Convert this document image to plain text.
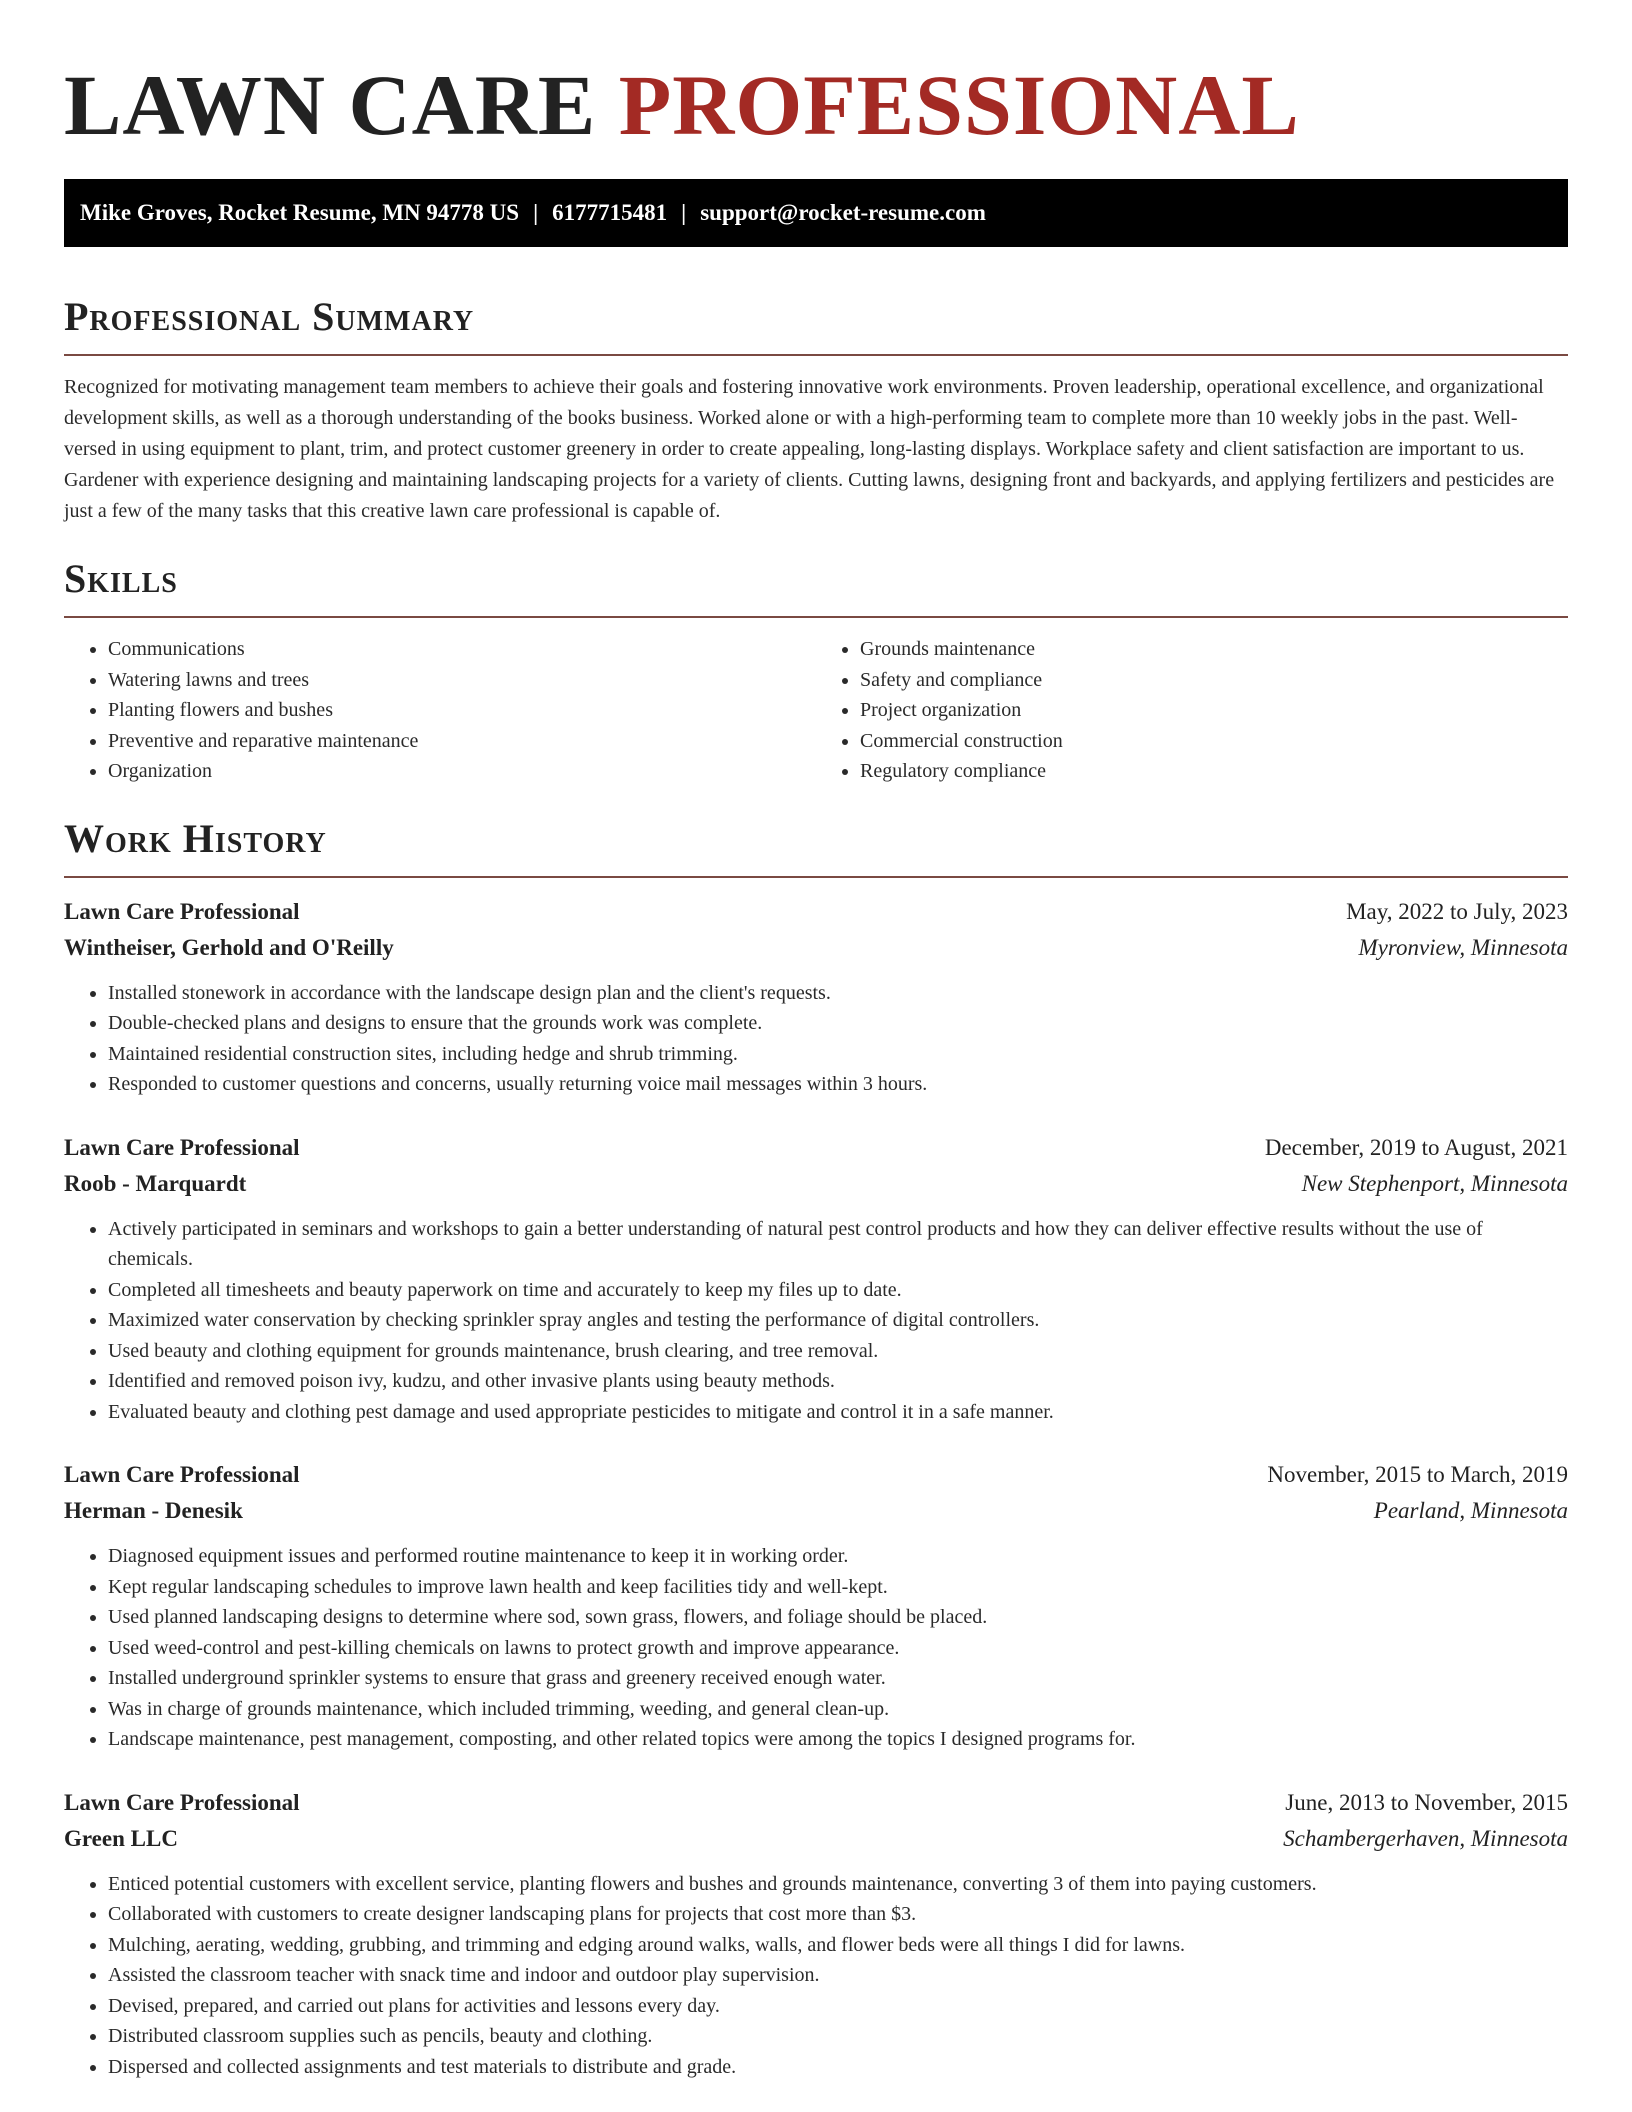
LAWN CARE PROFESSIONAL
Mike Groves, Rocket Resume, MN 94778 US | 6177715481 | support@rocket-resume.com
Professional Summary

Recognized for motivating management team members to achieve their goals and fostering innovative work environments. Proven leadership, operational excellence, and organizational development skills, as well as a thorough understanding of the books business. Worked alone or with a high-performing team to complete more than 10 weekly jobs in the past. Well-versed in using equipment to plant, trim, and protect customer greenery in order to create appealing, long-lasting displays. Workplace safety and client satisfaction are important to us. Gardener with experience designing and maintaining landscaping projects for a variety of clients. Cutting lawns, designing front and backyards, and applying fertilizers and pesticides are just a few of the many tasks that this creative lawn care professional is capable of.

Skills
• Communications
• Watering lawns and trees
• Planting flowers and bushes
• Preventive and reparative maintenance
• Organization
• Grounds maintenance
• Safety and compliance
• Project organization
• Commercial construction
• Regulatory compliance
Work History
Lawn Care Professional	May, 2022 to July, 2023
Wintheiser, Gerhold and O'Reilly	Myronview, Minnesota
• Installed stonework in accordance with the landscape design plan and the client's requests.
• Double-checked plans and designs to ensure that the grounds work was complete.
• Maintained residential construction sites, including hedge and shrub trimming.
• Responded to customer questions and concerns, usually returning voice mail messages within 3 hours.
Lawn Care Professional	December, 2019 to August, 2021
Roob - Marquardt	New Stephenport, Minnesota
• Actively participated in seminars and workshops to gain a better understanding of natural pest control products and how they can deliver effective results without the use of chemicals.
• Completed all timesheets and beauty paperwork on time and accurately to keep my files up to date.
• Maximized water conservation by checking sprinkler spray angles and testing the performance of digital controllers.
• Used beauty and clothing equipment for grounds maintenance, brush clearing, and tree removal.
• Identified and removed poison ivy, kudzu, and other invasive plants using beauty methods.
• Evaluated beauty and clothing pest damage and used appropriate pesticides to mitigate and control it in a safe manner.
Lawn Care Professional	November, 2015 to March, 2019
Herman - Denesik	Pearland, Minnesota
• Diagnosed equipment issues and performed routine maintenance to keep it in working order.
• Kept regular landscaping schedules to improve lawn health and keep facilities tidy and well-kept.
• Used planned landscaping designs to determine where sod, sown grass, flowers, and foliage should be placed.
• Used weed-control and pest-killing chemicals on lawns to protect growth and improve appearance.
• Installed underground sprinkler systems to ensure that grass and greenery received enough water.
• Was in charge of grounds maintenance, which included trimming, weeding, and general clean-up.
• Landscape maintenance, pest management, composting, and other related topics were among the topics I designed programs for.
Lawn Care Professional	June, 2013 to November, 2015
Green LLC	Schambergerhaven, Minnesota
• Enticed potential customers with excellent service, planting flowers and bushes and grounds maintenance, converting 3 of them into paying customers.
• Collaborated with customers to create designer landscaping plans for projects that cost more than $3.
• Mulching, aerating, wedding, grubbing, and trimming and edging around walks, walls, and flower beds were all things I did for lawns.
• Assisted the classroom teacher with snack time and indoor and outdoor play supervision.
• Devised, prepared, and carried out plans for activities and lessons every day.
• Distributed classroom supplies such as pencils, beauty and clothing.
• Dispersed and collected assignments and test materials to distribute and grade.
